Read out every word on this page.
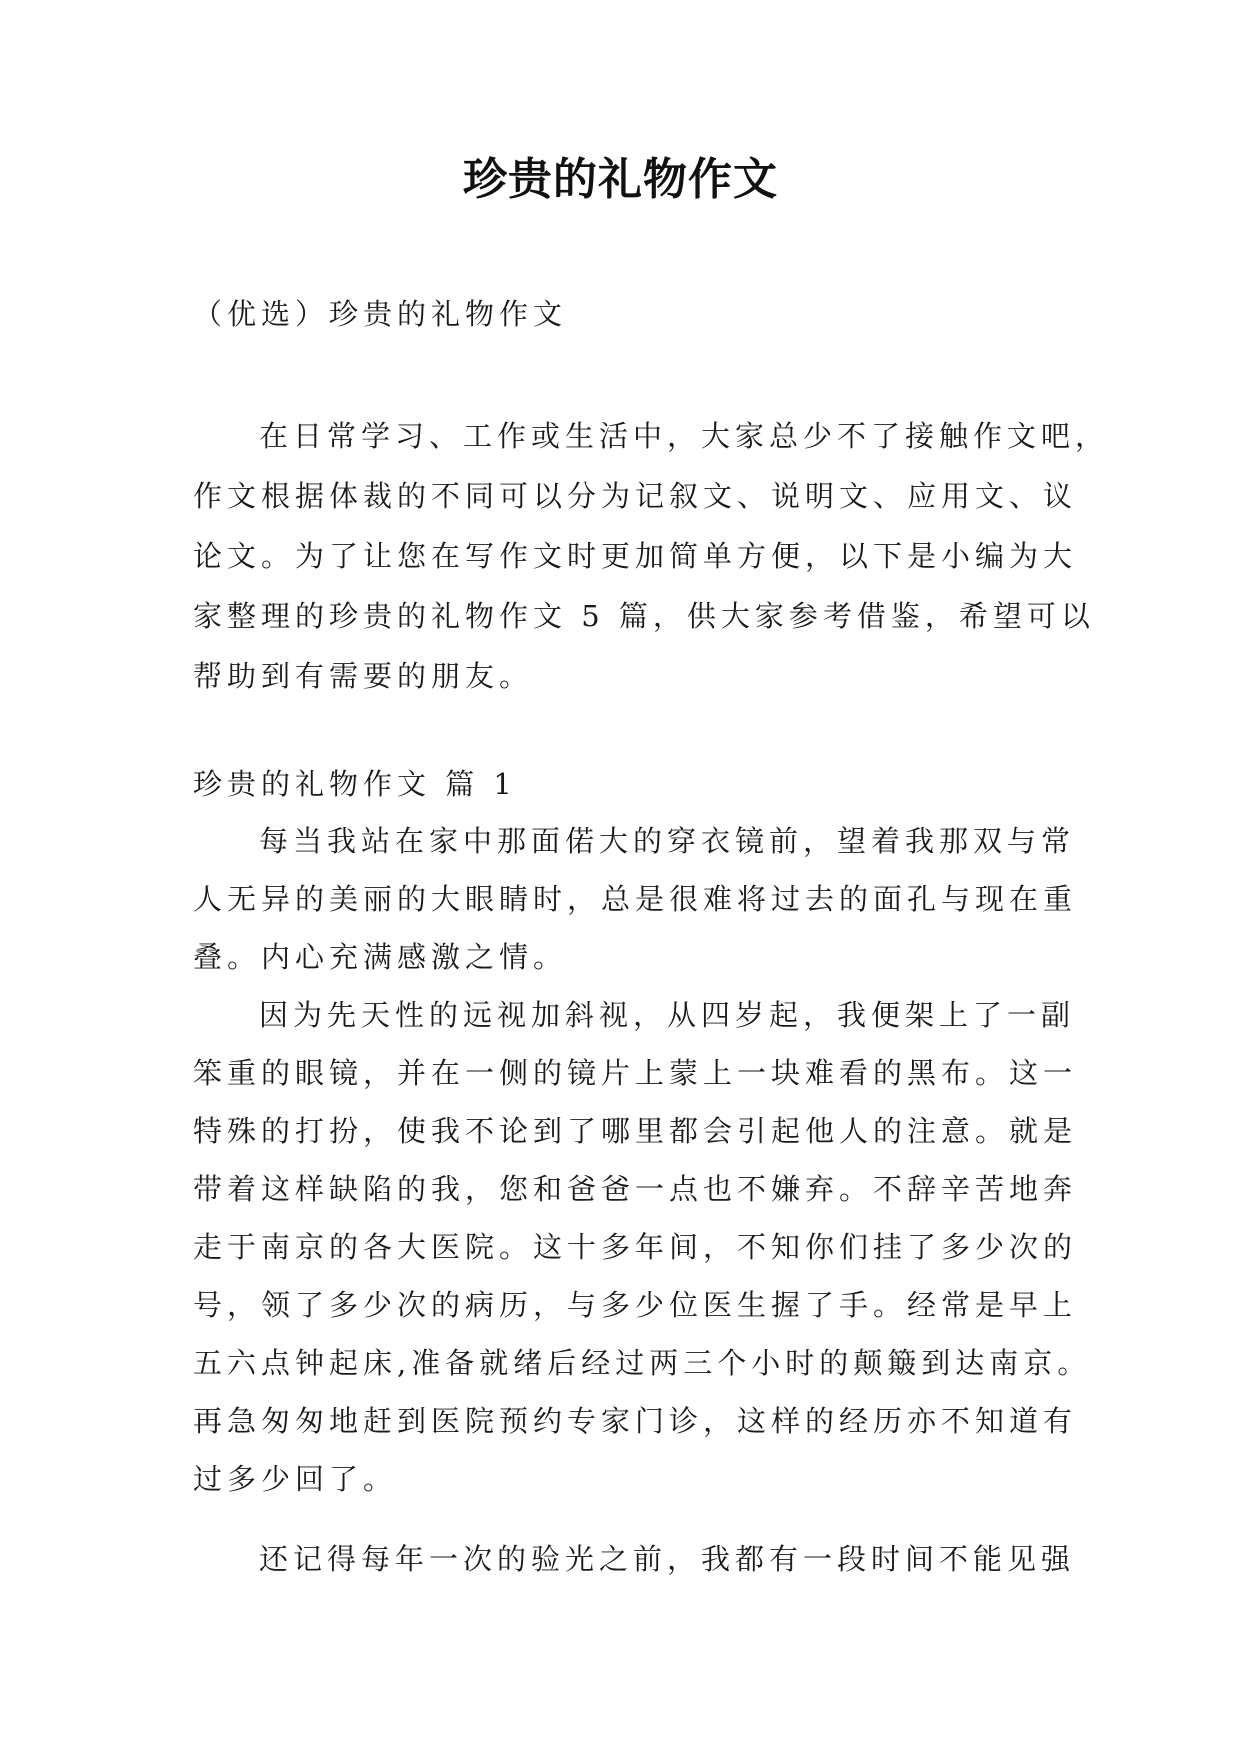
珍贵的礼物作文
（优选）珍贵的礼物作文

在日常学习、工作或生活中，大家总少不了接触作文吧，
作文根据体裁的不同可以分为记叙文、说明文、应用文、议
论文。为了让您在写作文时更加简单方便，以下是小编为大
家整理的珍贵的礼物作文 5 篇，供大家参考借鉴，希望可以
帮助到有需要的朋友。

珍贵的礼物作文 篇 1

每当我站在家中那面偌大的穿衣镜前，望着我那双与常
人无异的美丽的大眼睛时，总是很难将过去的面孔与现在重
叠。内心充满感激之情。

因为先天性的远视加斜视，从四岁起，我便架上了一副
笨重的眼镜，并在一侧的镜片上蒙上一块难看的黑布。这一
特殊的打扮，使我不论到了哪里都会引起他人的注意。就是
带着这样缺陷的我，您和爸爸一点也不嫌弃。不辞辛苦地奔
走于南京的各大医院。这十多年间，不知你们挂了多少次的
号，领了多少次的病历，与多少位医生握了手。经常是早上
五六点钟起床,准备就绪后经过两三个小时的颠簸到达南京。
再急匆匆地赶到医院预约专家门诊，这样的经历亦不知道有
过多少回了。

还记得每年一次的验光之前，我都有一段时间不能见强
